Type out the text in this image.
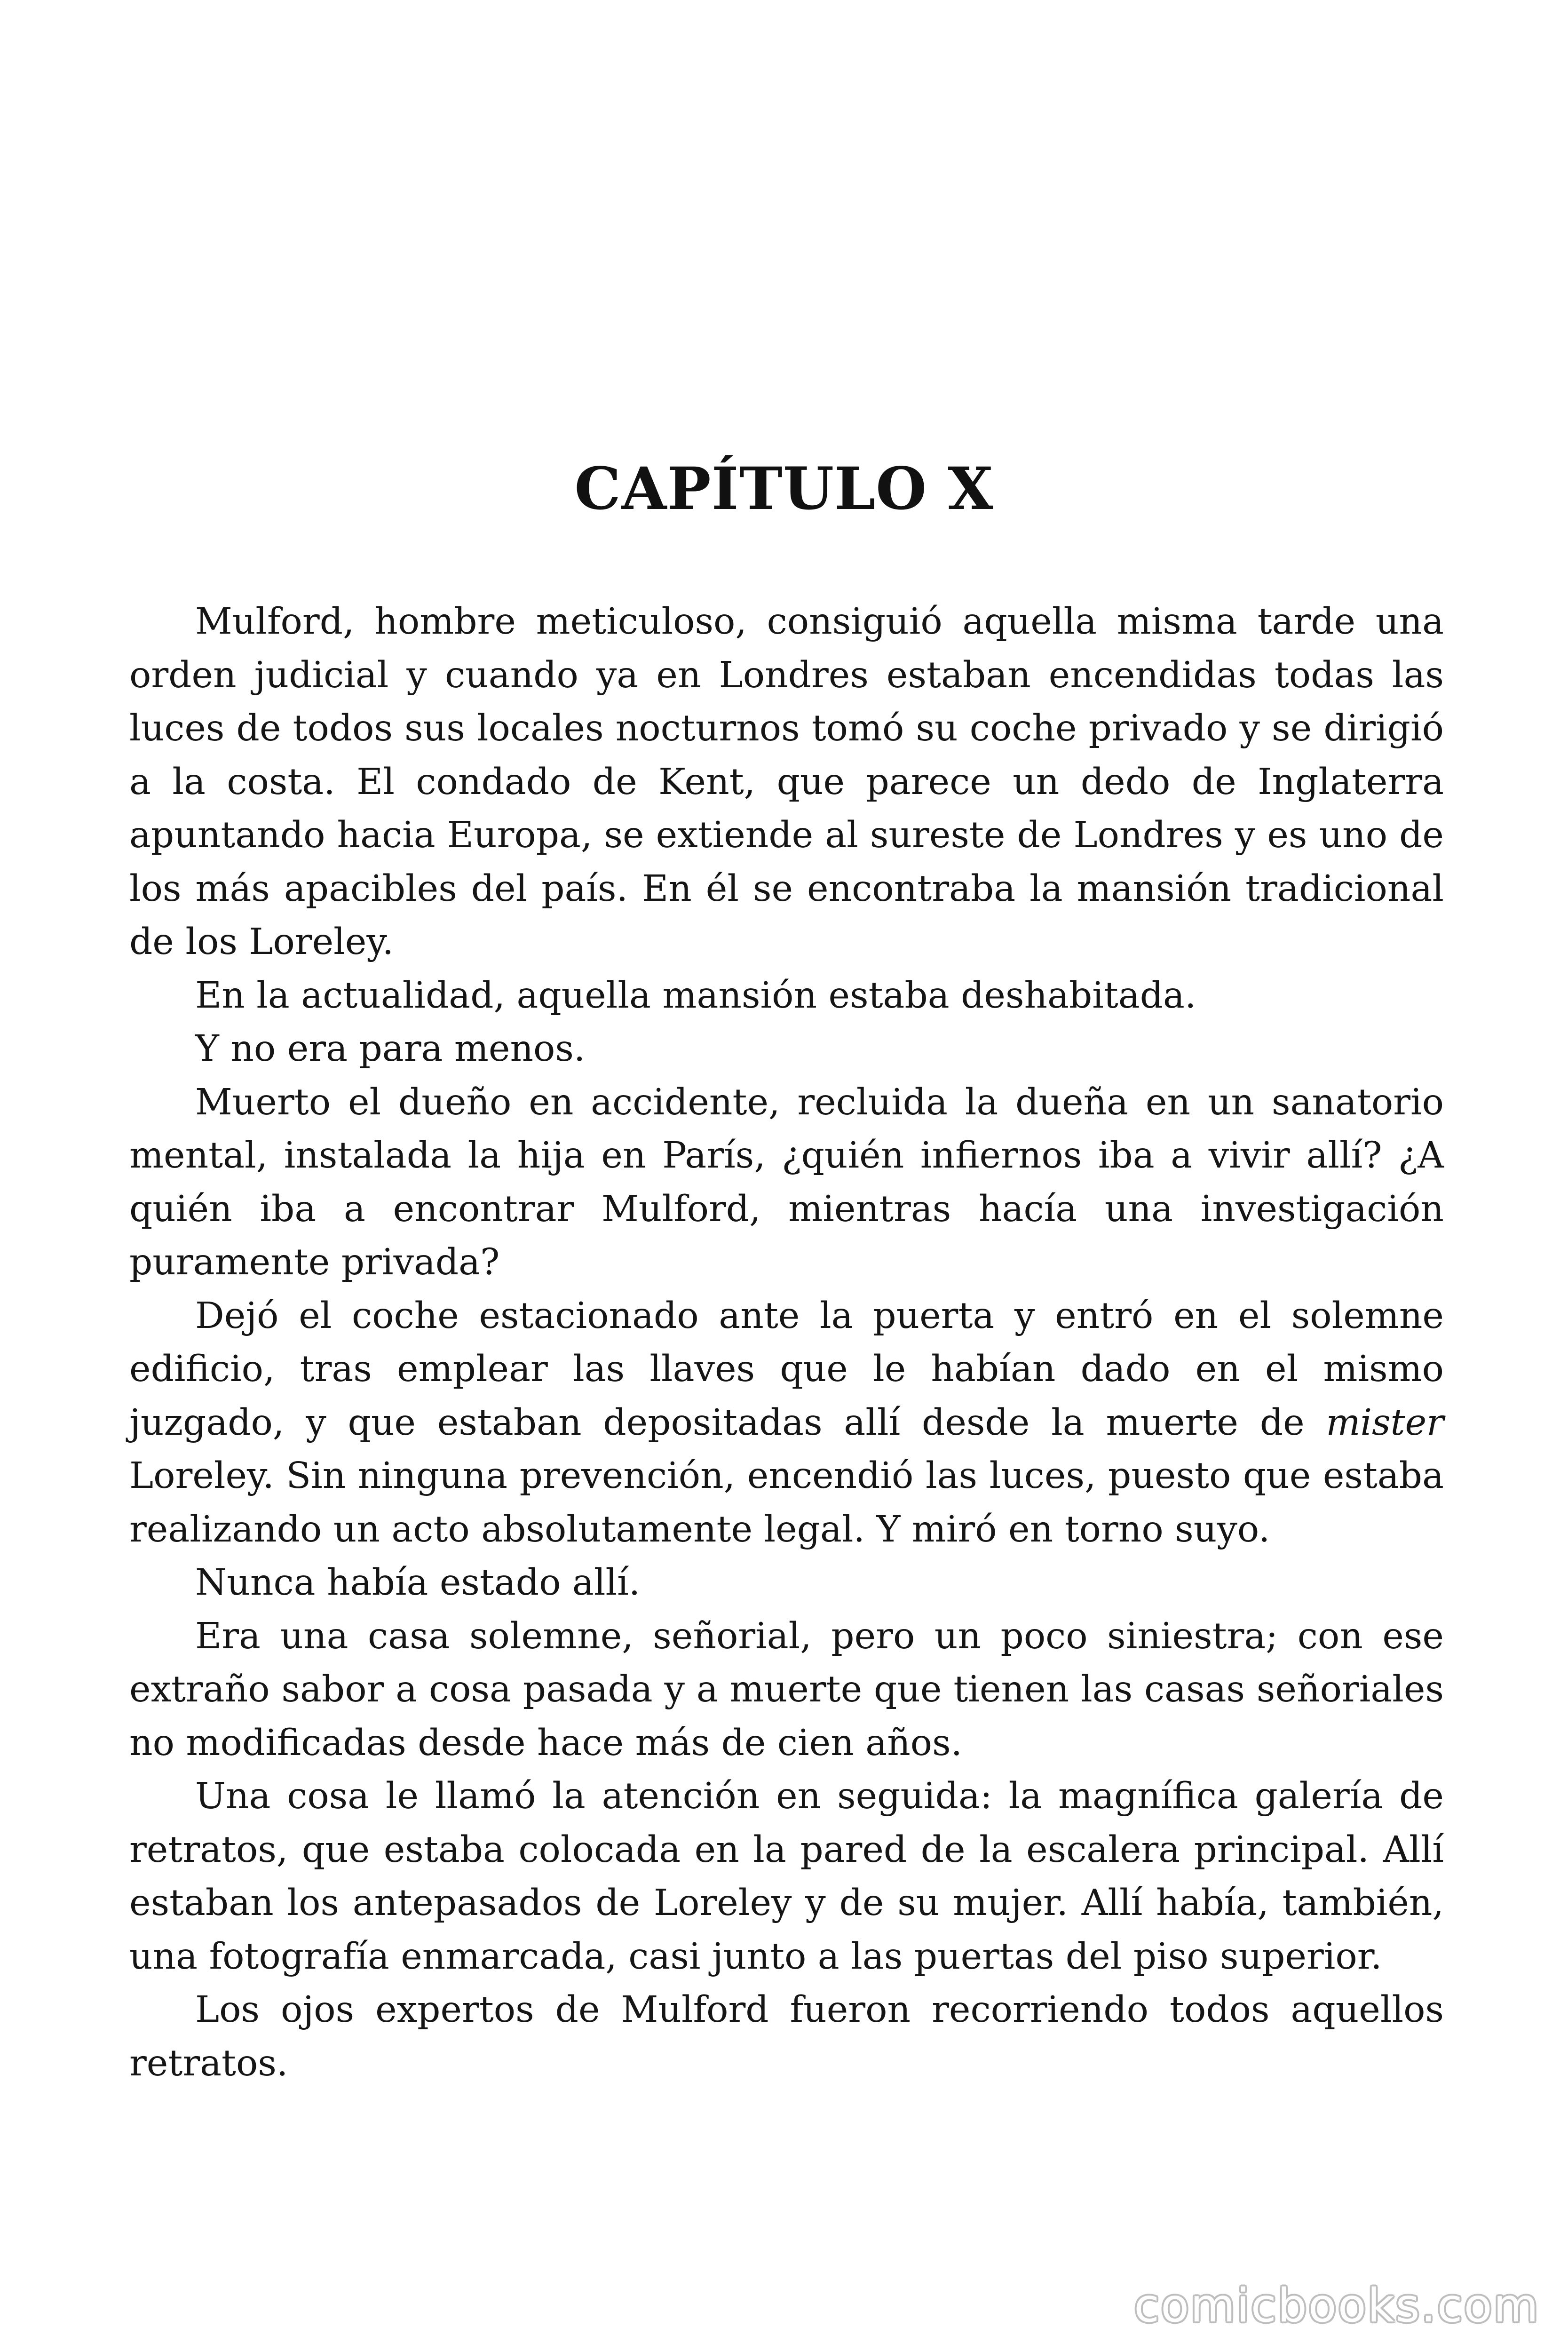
CAPÍTULO X

Mulford, hombre meticuloso, consiguió aquella misma tarde una orden judicial y cuando ya en Londres estaban encendidas todas las luces de todos sus locales nocturnos tomó su coche privado y se dirigió a la costa. El condado de Kent, que parece un dedo de Inglaterra apuntando hacia Europa, se extiende al sureste de Londres y es uno de los más apacibles del país. En él se encontraba la mansión tradicional de los Loreley.

En la actualidad, aquella mansión estaba deshabitada.

Y no era para menos.

Muerto el dueño en accidente, recluida la dueña en un sanatorio mental, instalada la hija en París, ¿quién infiernos iba a vivir allí? ¿A quién iba a encontrar Mulford, mientras hacía una investigación puramente privada?

Dejó el coche estacionado ante la puerta y entró en el solemne edificio, tras emplear las llaves que le habían dado en el mismo juzgado, y que estaban depositadas allí desde la muerte de mister Loreley. Sin ninguna prevención, encendió las luces, puesto que estaba realizando un acto absolutamente legal. Y miró en torno suyo.

Nunca había estado allí.

Era una casa solemne, señorial, pero un poco siniestra; con ese extraño sabor a cosa pasada y a muerte que tienen las casas señoriales no modificadas desde hace más de cien años.

Una cosa le llamó la atención en seguida: la magnífica galería de retratos, que estaba colocada en la pared de la escalera principal. Allí estaban los antepasados de Loreley y de su mujer. Allí había, también, una fotografía enmarcada, casi junto a las puertas del piso superior.

Los ojos expertos de Mulford fueron recorriendo todos aquellos retratos.

comicbooks.com
